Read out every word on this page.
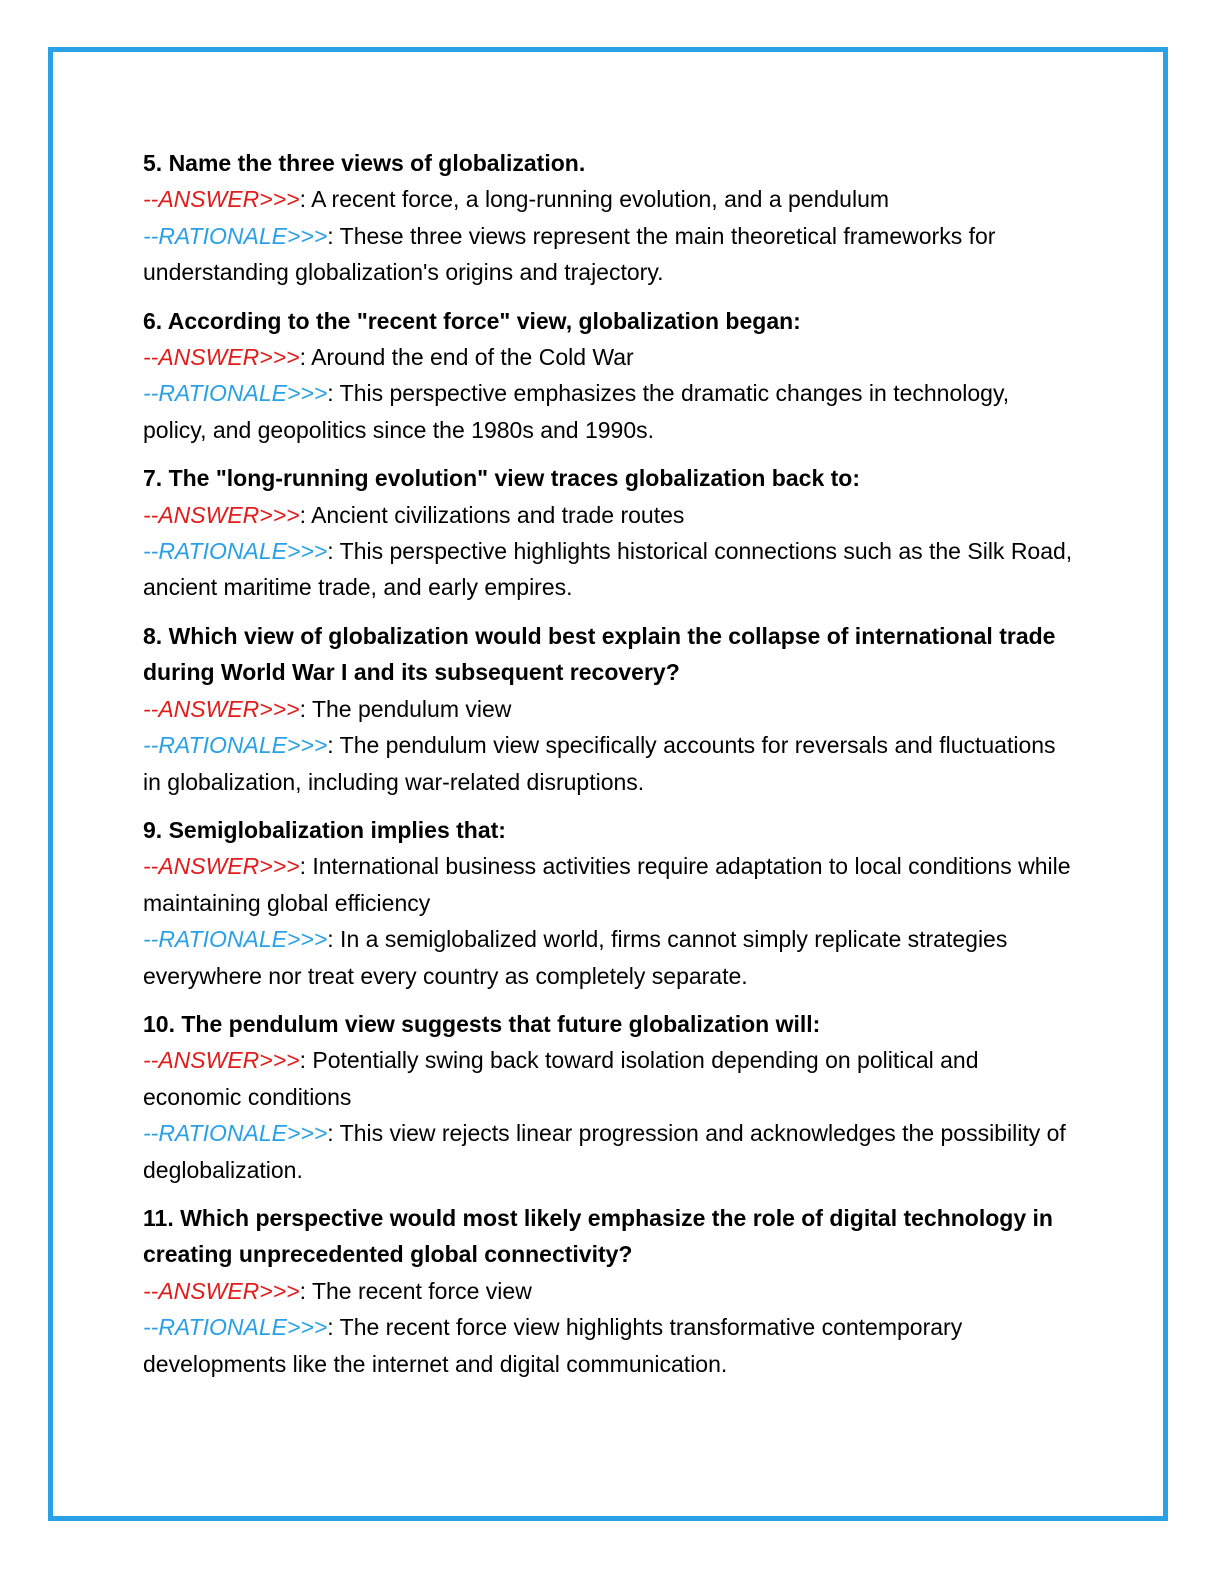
5. Name the three views of globalization.

--ANSWER>>>: A recent force, a long-running evolution, and a pendulum

--RATIONALE>>>: These three views represent the main theoretical frameworks for understanding globalization's origins and trajectory.

6. According to the "recent force" view, globalization began:

--ANSWER>>>: Around the end of the Cold War

--RATIONALE>>>: This perspective emphasizes the dramatic changes in technology, policy, and geopolitics since the 1980s and 1990s.

7. The "long-running evolution" view traces globalization back to:

--ANSWER>>>: Ancient civilizations and trade routes

--RATIONALE>>>: This perspective highlights historical connections such as the Silk Road, ancient maritime trade, and early empires.

8. Which view of globalization would best explain the collapse of international trade during World War I and its subsequent recovery?

--ANSWER>>>: The pendulum view

--RATIONALE>>>: The pendulum view specifically accounts for reversals and fluctuations in globalization, including war-related disruptions.

9. Semiglobalization implies that:

--ANSWER>>>: International business activities require adaptation to local conditions while maintaining global efficiency

--RATIONALE>>>: In a semiglobalized world, firms cannot simply replicate strategies everywhere nor treat every country as completely separate.

10. The pendulum view suggests that future globalization will:

--ANSWER>>>: Potentially swing back toward isolation depending on political and economic conditions

--RATIONALE>>>: This view rejects linear progression and acknowledges the possibility of deglobalization.

11. Which perspective would most likely emphasize the role of digital technology in creating unprecedented global connectivity?

--ANSWER>>>: The recent force view

--RATIONALE>>>: The recent force view highlights transformative contemporary developments like the internet and digital communication.
